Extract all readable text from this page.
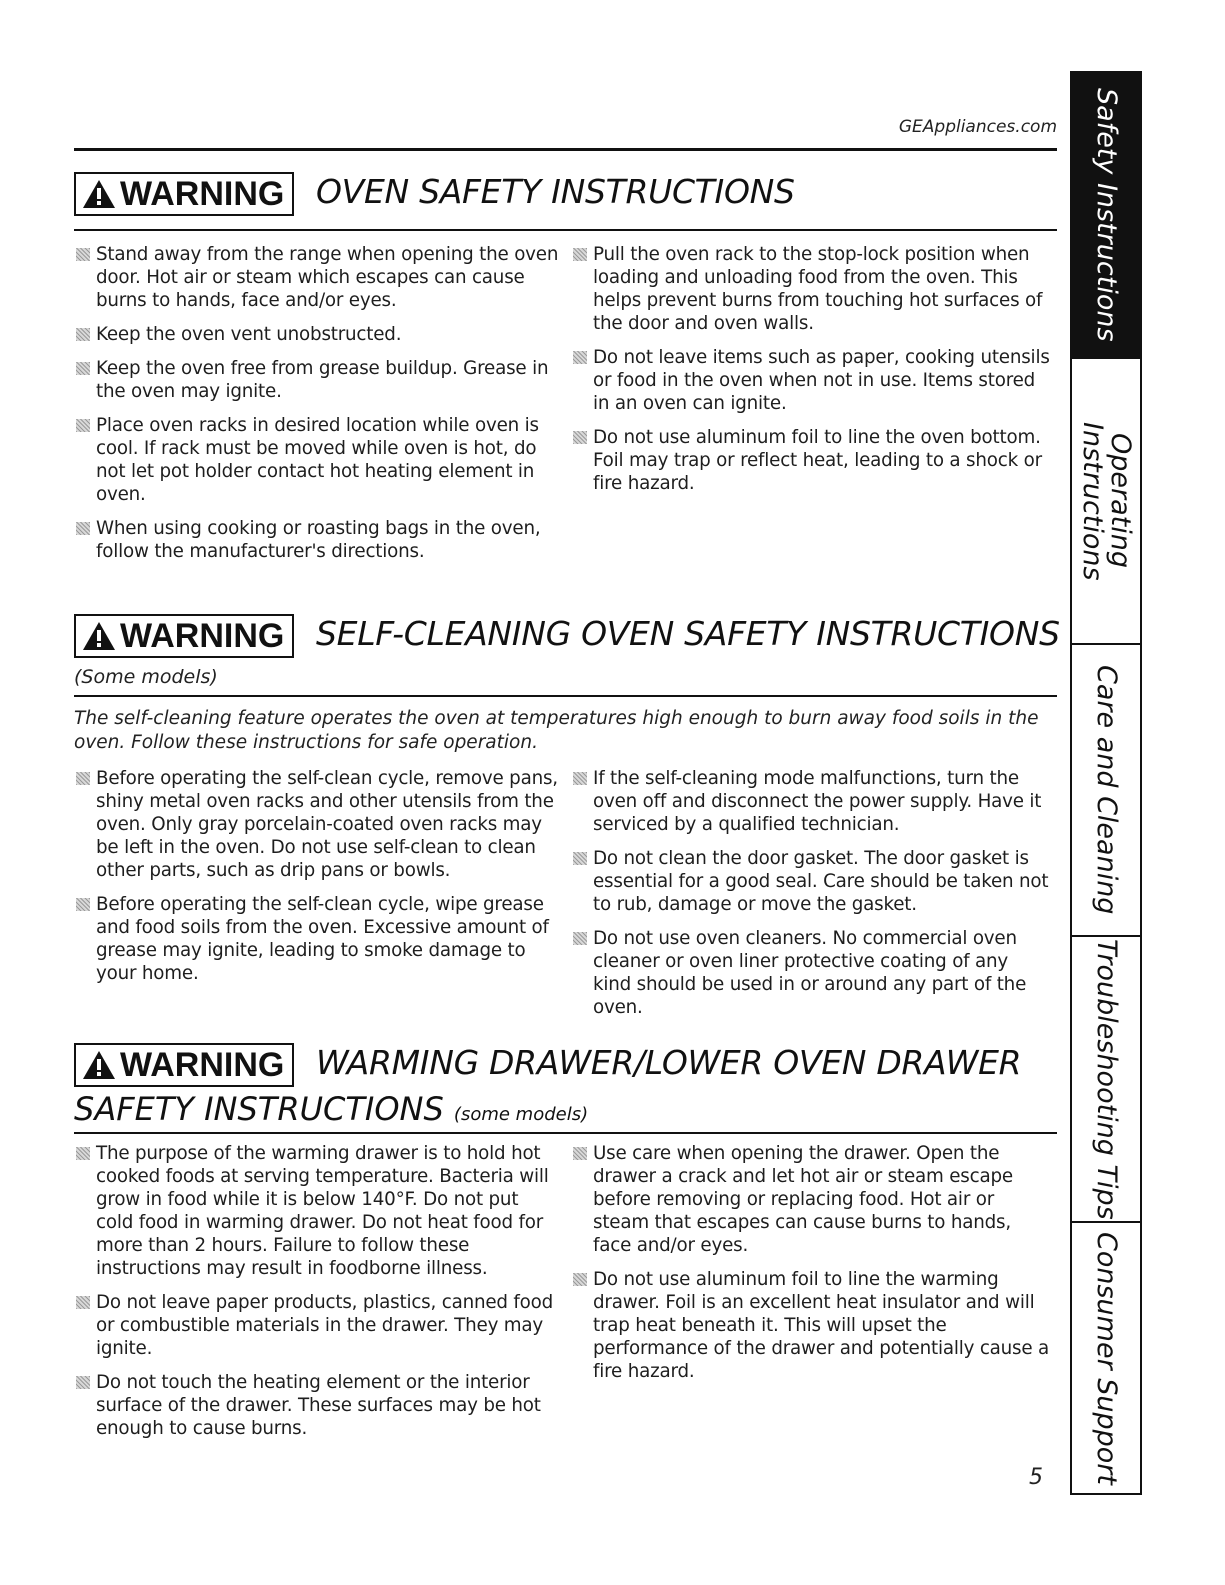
GEAppliances.com
WARNING OVEN SAFETY INSTRUCTIONS
Stand away from the range when opening the oven door. Hot air or steam which escapes can cause burns to hands, face and/or eyes.
Keep the oven vent unobstructed.
Keep the oven free from grease buildup. Grease in the oven may ignite.
Place oven racks in desired location while oven is cool. If rack must be moved while oven is hot, do not let pot holder contact hot heating element in oven.
When using cooking or roasting bags in the oven, follow the manufacturer's directions.
Pull the oven rack to the stop-lock position when loading and unloading food from the oven. This helps prevent burns from touching hot surfaces of the door and oven walls.
Do not leave items such as paper, cooking utensils or food in the oven when not in use. Items stored in an oven can ignite.
Do not use aluminum foil to line the oven bottom. Foil may trap or reflect heat, leading to a shock or fire hazard.
WARNING SELF-CLEANING OVEN SAFETY INSTRUCTIONS
(Some models)
The self-cleaning feature operates the oven at temperatures high enough to burn away food soils in the oven. Follow these instructions for safe operation.
Before operating the self-clean cycle, remove pans, shiny metal oven racks and other utensils from the oven. Only gray porcelain-coated oven racks may be left in the oven. Do not use self-clean to clean other parts, such as drip pans or bowls.
Before operating the self-clean cycle, wipe grease and food soils from the oven. Excessive amount of grease may ignite, leading to smoke damage to your home.
If the self-cleaning mode malfunctions, turn the oven off and disconnect the power supply. Have it serviced by a qualified technician.
Do not clean the door gasket. The door gasket is essential for a good seal. Care should be taken not to rub, damage or move the gasket.
Do not use oven cleaners. No commercial oven cleaner or oven liner protective coating of any kind should be used in or around any part of the oven.
WARNING WARMING DRAWER/LOWER OVEN DRAWER
SAFETY INSTRUCTIONS (some models)
The purpose of the warming drawer is to hold hot cooked foods at serving temperature. Bacteria will grow in food while it is below 140°F. Do not put cold food in warming drawer. Do not heat food for more than 2 hours. Failure to follow these instructions may result in foodborne illness.
Do not leave paper products, plastics, canned food or combustible materials in the drawer. They may ignite.
Do not touch the heating element or the interior surface of the drawer. These surfaces may be hot enough to cause burns.
Use care when opening the drawer. Open the drawer a crack and let hot air or steam escape before removing or replacing food. Hot air or steam that escapes can cause burns to hands, face and/or eyes.
Do not use aluminum foil to line the warming drawer. Foil is an excellent heat insulator and will trap heat beneath it. This will upset the performance of the drawer and potentially cause a fire hazard.
5
Safety Instructions
Operating
Instructions
Care and Cleaning
Troubleshooting Tips
Consumer Support
